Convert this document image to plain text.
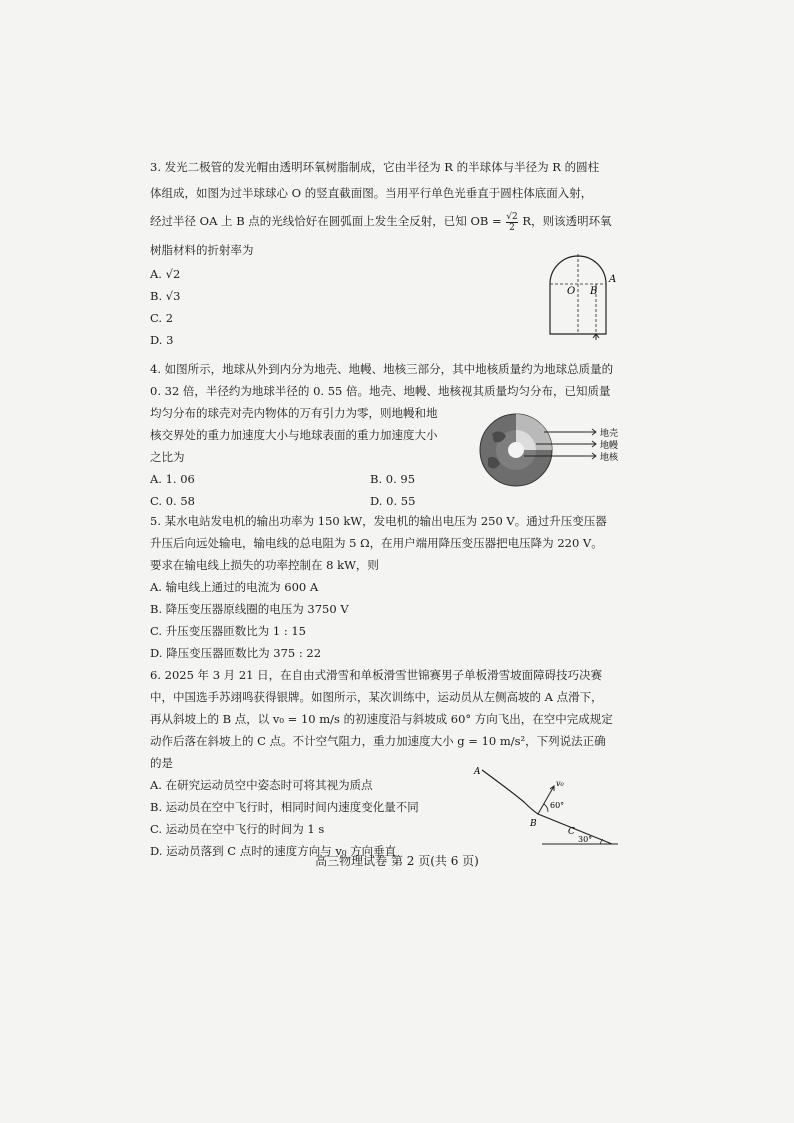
3. 发光二极管的发光帽由透明环氧树脂制成，它由半径为 R 的半球体与半径为 R 的圆柱

体组成，如图为过半球球心 O 的竖直截面图。当用平行单色光垂直于圆柱体底面入射，

经过半径 OA 上 B 点的光线恰好在圆弧面上发生全反射，已知 OB = $\frac{√2}{2}$ R，则该透明环氧

树脂材料的折射率为

A. √2

B. √3

C. 2

D. 3

O B
A

4. 如图所示，地球从外到内分为地壳、地幔、地核三部分，其中地核质量约为地球总质量的

0. 32 倍，半径约为地球半径的 0. 55 倍。地壳、地幔、地核视其质量均匀分布，已知质量

均匀分布的球壳对壳内物体的万有引力为零，则地幔和地

核交界处的重力加速度大小与地球表面的重力加速度大小

之比为

A. 1. 06	B. 0. 95

C. 0. 58	D. 0. 55

地壳
地幔
地核

5. 某水电站发电机的输出功率为 150 kW，发电机的输出电压为 250 V。通过升压变压器

升压后向远处输电，输电线的总电阻为 5 Ω，在用户端用降压变压器把电压降为 220 V。

要求在输电线上损失的功率控制在 8 kW，则

A. 输电线上通过的电流为 600 A

B. 降压变压器原线圈的电压为 3750 V

C. 升压变压器匝数比为 1 : 15

D. 降压变压器匝数比为 375 : 22

6. 2025 年 3 月 21 日，在自由式滑雪和单板滑雪世锦赛男子单板滑雪坡面障碍技巧决赛

中，中国选手苏翊鸣获得银牌。如图所示，某次训练中，运动员从左侧高坡的 A 点滑下，

再从斜坡上的 B 点，以 v₀ = 10 m/s 的初速度沿与斜坡成 60° 方向飞出，在空中完成规定

动作后落在斜坡上的 C 点。不计空气阻力，重力加速度大小 g = 10 m/s²，下列说法正确

的是

A. 在研究运动员空中姿态时可将其视为质点

B. 运动员在空中飞行时，相同时间内速度变化量不同

C. 运动员在空中飞行的时间为 1 s

D. 运动员落到 C 点时的速度方向与 v₀ 方向垂直

A
B
C
v₀
60°
30°
高三物理试卷 第 2 页(共 6 页)
